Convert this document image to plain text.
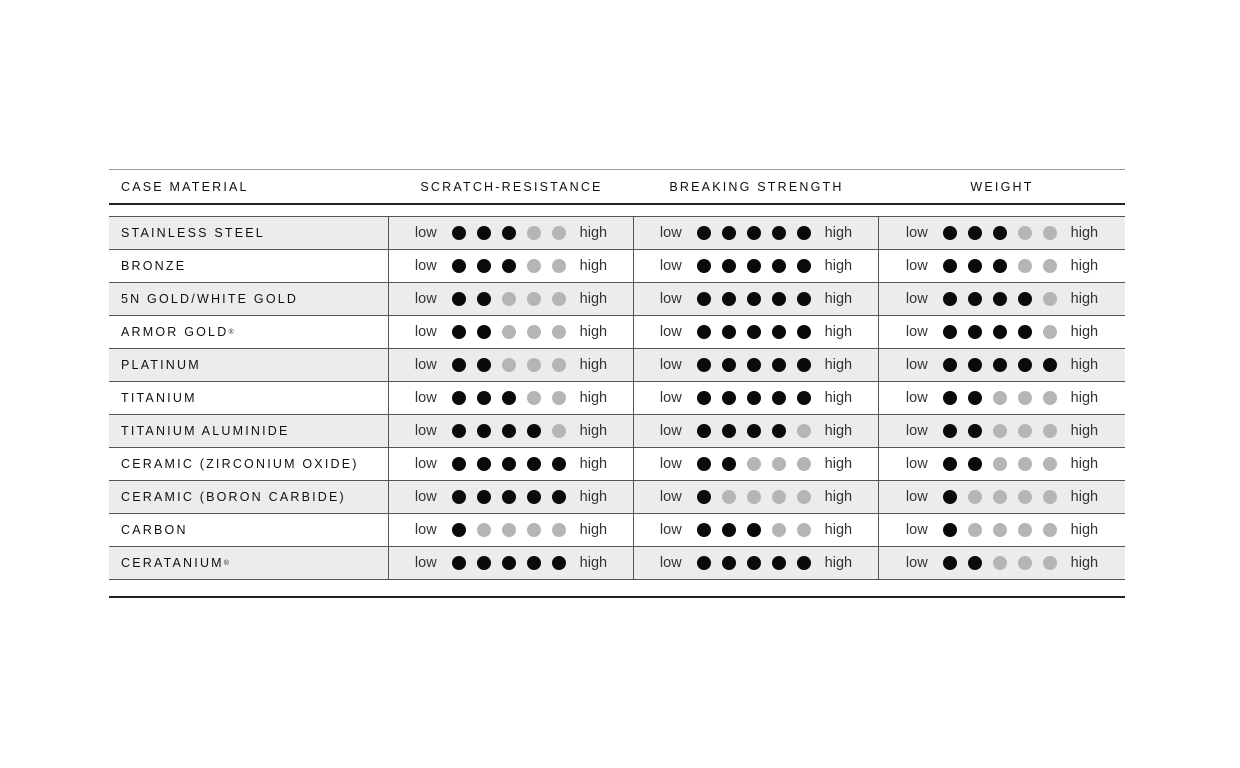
CASE MATERIAL	SCRATCH-RESISTANCE	BREAKING STRENGTH	WEIGHT
STAINLESS STEEL	low	high	low	high	low	high
BRONZE	low	high	low	high	low	high
5N GOLD/WHITE GOLD	low	high	low	high	low	high
ARMOR GOLD ®	low	high	low	high	low	high
PLATINUM	low	high	low	high	low	high
TITANIUM	low	high	low	high	low	high
TITANIUM ALUMINIDE	low	high	low	high	low	high
CERAMIC (ZIRCONIUM OXIDE)	low	high	low	high	low	high
CERAMIC (BORON CARBIDE)	low	high	low	high	low	high
CARBON	low	high	low	high	low	high
CERATANIUM ®	low	high	low	high	low	high
